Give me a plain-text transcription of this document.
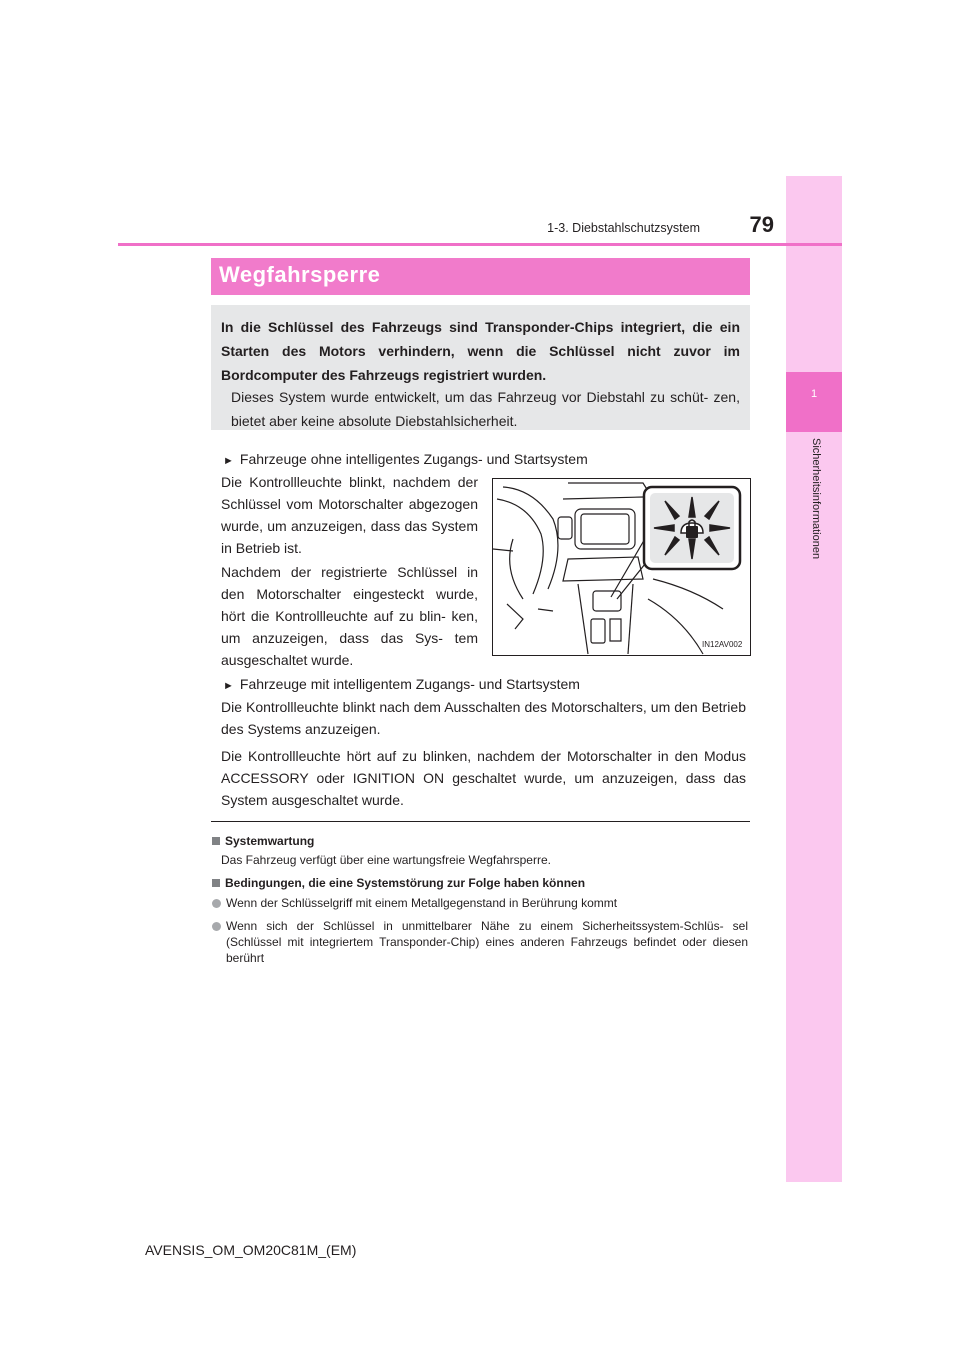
1
Sicherheitsinformationen
1-3. Diebstahlschutzsystem	79
Wegfahrsperre

In die Schlüssel des Fahrzeugs sind Transponder-Chips integriert, die ein Starten des Motors verhindern, wenn die Schlüssel nicht zuvor im Bordcomputer des Fahrzeugs registriert wurden.

Dieses System wurde entwickelt, um das Fahrzeug vor Diebstahl zu schüt- zen, bietet aber keine absolute Diebstahlsicherheit.

► Fahrzeuge ohne intelligentes Zugangs- und Startsystem

Die Kontrollleuchte blinkt, nachdem der Schlüssel vom Motorschalter abgezogen wurde, um anzuzeigen, dass das System in Betrieb ist.

Nachdem der registrierte Schlüssel in den Motorschalter eingesteckt wurde, hört die Kontrollleuchte auf zu blin- ken, um anzuzeigen, dass das Sys- tem ausgeschaltet wurde.

IN12AV002
► Fahrzeuge mit intelligentem Zugangs- und Startsystem

Die Kontrollleuchte blinkt nach dem Ausschalten des Motorschalters, um den Betrieb des Systems anzuzeigen.

Die Kontrollleuchte hört auf zu blinken, nachdem der Motorschalter in den Modus ACCESSORY oder IGNITION ON geschaltet wurde, um anzuzeigen, dass das System ausgeschaltet wurde.

Systemwartung
Das Fahrzeug verfügt über eine wartungsfreie Wegfahrsperre.
Bedingungen, die eine Systemstörung zur Folge haben können
Wenn der Schlüsselgriff mit einem Metallgegenstand in Berührung kommt
Wenn sich der Schlüssel in unmittelbarer Nähe zu einem Sicherheitssystem-Schlüs- sel (Schlüssel mit integriertem Transponder-Chip) eines anderen Fahrzeugs befindet oder diesen berührt
AVENSIS_OM_OM20C81M_(EM)
